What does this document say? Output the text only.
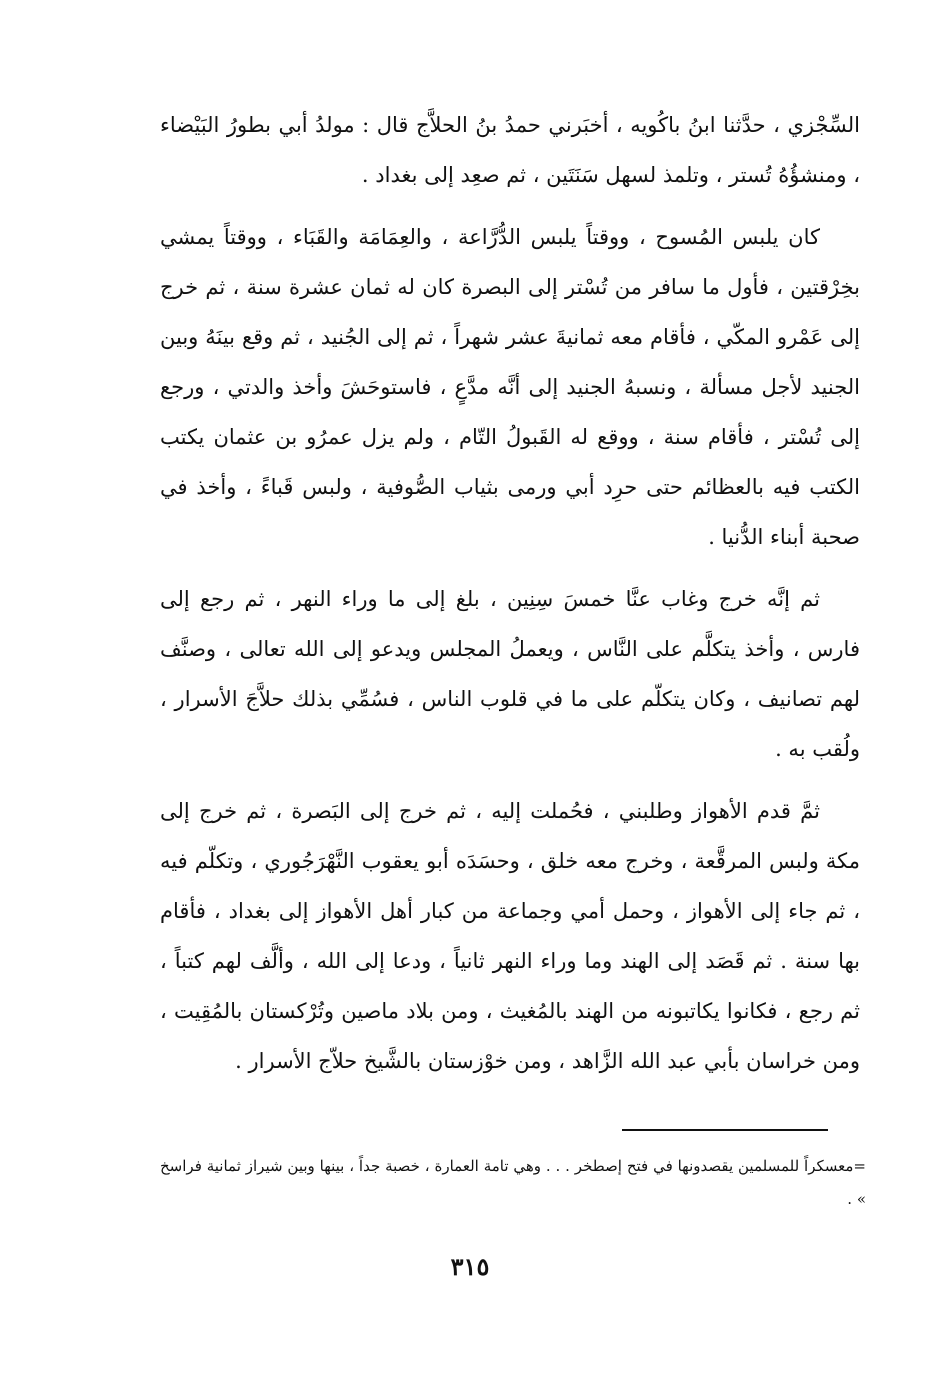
السِّجْزي ، حدَّثنا ابنُ باكُويه ، أخبَرني حمدُ بنُ الحلاَّج قال : مولدُ أبي بطورُ البَيْضاء ، ومنشؤُهُ تُستر ، وتلمذ لسهل سَنَتَين ، ثم صعِد إلى بغداد .

كان يلبس المُسوح ، ووقتاً يلبس الدُّرَّاعة ، والعِمَامَة والقَبَاء ، ووقتاً يمشي بخِرْقتين ، فأول ما سافر من تُسْتر إلى البصرة كان له ثمان عشرة سنة ، ثم خرج إلى عَمْرو المكّي ، فأقام معه ثمانيةَ عشر شهراً ، ثم إلى الجُنيد ، ثم وقع بينَهُ وبين الجنيد لأجل مسألة ، ونسبهُ الجنيد إلى أنَّه مدَّعٍ ، فاستوحَشَ وأخذ والدتي ، ورجع إلى تُسْتر ، فأقام سنة ، ووقع له القَبولُ التّام ، ولم يزل عمرُو بن عثمان يكتب الكتب فيه بالعظائم حتى حرِد أبي ورمى بثياب الصُّوفية ، ولبس قَباءً ، وأخذ في صحبة أبناء الدُّنيا .

ثم إنَّه خرج وغاب عنَّا خمسَ سِنِين ، بلغ إلى ما وراء النهر ، ثم رجع إلى فارس ، وأخذ يتكلَّم على النَّاس ، ويعملُ المجلس ويدعو إلى الله تعالى ، وصنَّف لهم تصانيف ، وكان يتكلّم على ما في قلوب الناس ، فسُمِّي بذلك حلاَّجَ الأسرار ، ولُقب به .

ثمَّ قدم الأهواز وطلبني ، فحُملت إليه ، ثم خرج إلى البَصرة ، ثم خرج إلى مكة ولبس المرقَّعة ، وخرج معه خلق ، وحسَدَه أبو يعقوب النَّهْرَجُوري ، وتكلّم فيه ، ثم جاء إلى الأهواز ، وحمل أمي وجماعة من كبار أهل الأهواز إلى بغداد ، فأقام بها سنة . ثم قَصَد إلى الهند وما وراء النهر ثانياً ، ودعا إلى الله ، وألَّف لهم كتباً ، ثم رجع ، فكانوا يكاتبونه من الهند بالمُغيث ، ومن بلاد ماصين وتُرْكستان بالمُقِيت ، ومن خراسان بأبي عبد الله الزَّاهد ، ومن خوْزستان بالشَّيخ حلاّج الأسرار .

=معسكراً للمسلمين يقصدونها في فتح إصطخر . . . وهي تامة العمارة ، خصبة جداً ، بينها وبين شيراز ثمانية فراسخ » .

٣١٥
